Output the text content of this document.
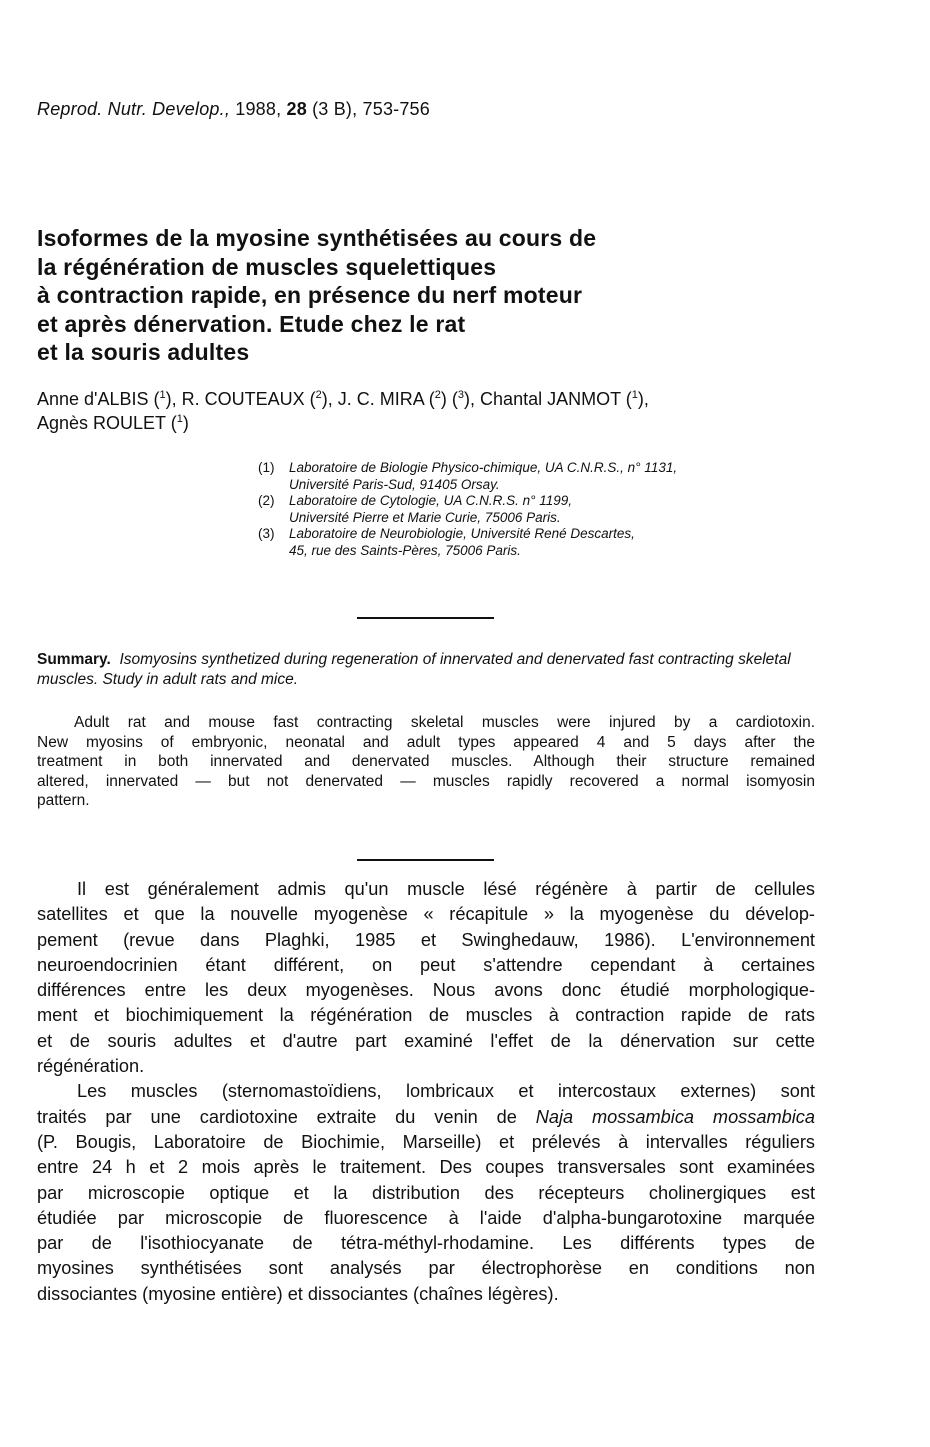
Reprod. Nutr. Develop., 1988, 28 (3 B), 753-756
Isoformes de la myosine synthétisées au cours de
la régénération de muscles squelettiques
à contraction rapide, en présence du nerf moteur
et après dénervation. Etude chez le rat
et la souris adultes
Anne d'ALBIS ($^1$), R. COUTEAUX ($^2$), J. C. MIRA ($^2$) ($^3$), Chantal JANMOT ($^1$),
Agnès ROULET ($^1$)
(1) Laboratoire de Biologie Physico-chimique, UA C.N.R.S., n° 1131,
Université Paris-Sud, 91405 Orsay.
(2) Laboratoire de Cytologie, UA C.N.R.S. n° 1199,
Université Pierre et Marie Curie, 75006 Paris.
(3) Laboratoire de Neurobiologie, Université René Descartes,
45, rue des Saints-Pères, 75006 Paris.
Summary. Isomyosins synthetized during regeneration of innervated and denervated fast contracting skeletal muscles. Study in adult rats and mice.
Adult rat and mouse fast contracting skeletal muscles were injured by a cardiotoxin.
New myosins of embryonic, neonatal and adult types appeared 4 and 5 days after the
treatment in both innervated and denervated muscles. Although their structure remained
altered, innervated — but not denervated — muscles rapidly recovered a normal isomyosin
pattern.
Il est généralement admis qu'un muscle lésé régénère à partir de cellules
satellites et que la nouvelle myogenèse « récapitule » la myogenèse du dévelop-
pement (revue dans Plaghki, 1985 et Swinghedauw, 1986). L'environnement
neuroendocrinien étant différent, on peut s'attendre cependant à certaines
différences entre les deux myogenèses. Nous avons donc étudié morphologique-
ment et biochimiquement la régénération de muscles à contraction rapide de rats
et de souris adultes et d'autre part examiné l'effet de la dénervation sur cette
régénération.
Les muscles (sternomastoïdiens, lombricaux et intercostaux externes) sont
traités par une cardiotoxine extraite du venin de Naja mossambica mossambica
(P. Bougis, Laboratoire de Biochimie, Marseille) et prélevés à intervalles réguliers
entre 24 h et 2 mois après le traitement. Des coupes transversales sont examinées
par microscopie optique et la distribution des récepteurs cholinergiques est
étudiée par microscopie de fluorescence à l'aide d'alpha-bungarotoxine marquée
par de l'isothiocyanate de tétra-méthyl-rhodamine. Les différents types de
myosines synthétisées sont analysés par électrophorèse en conditions non
dissociantes (myosine entière) et dissociantes (chaînes légères).
